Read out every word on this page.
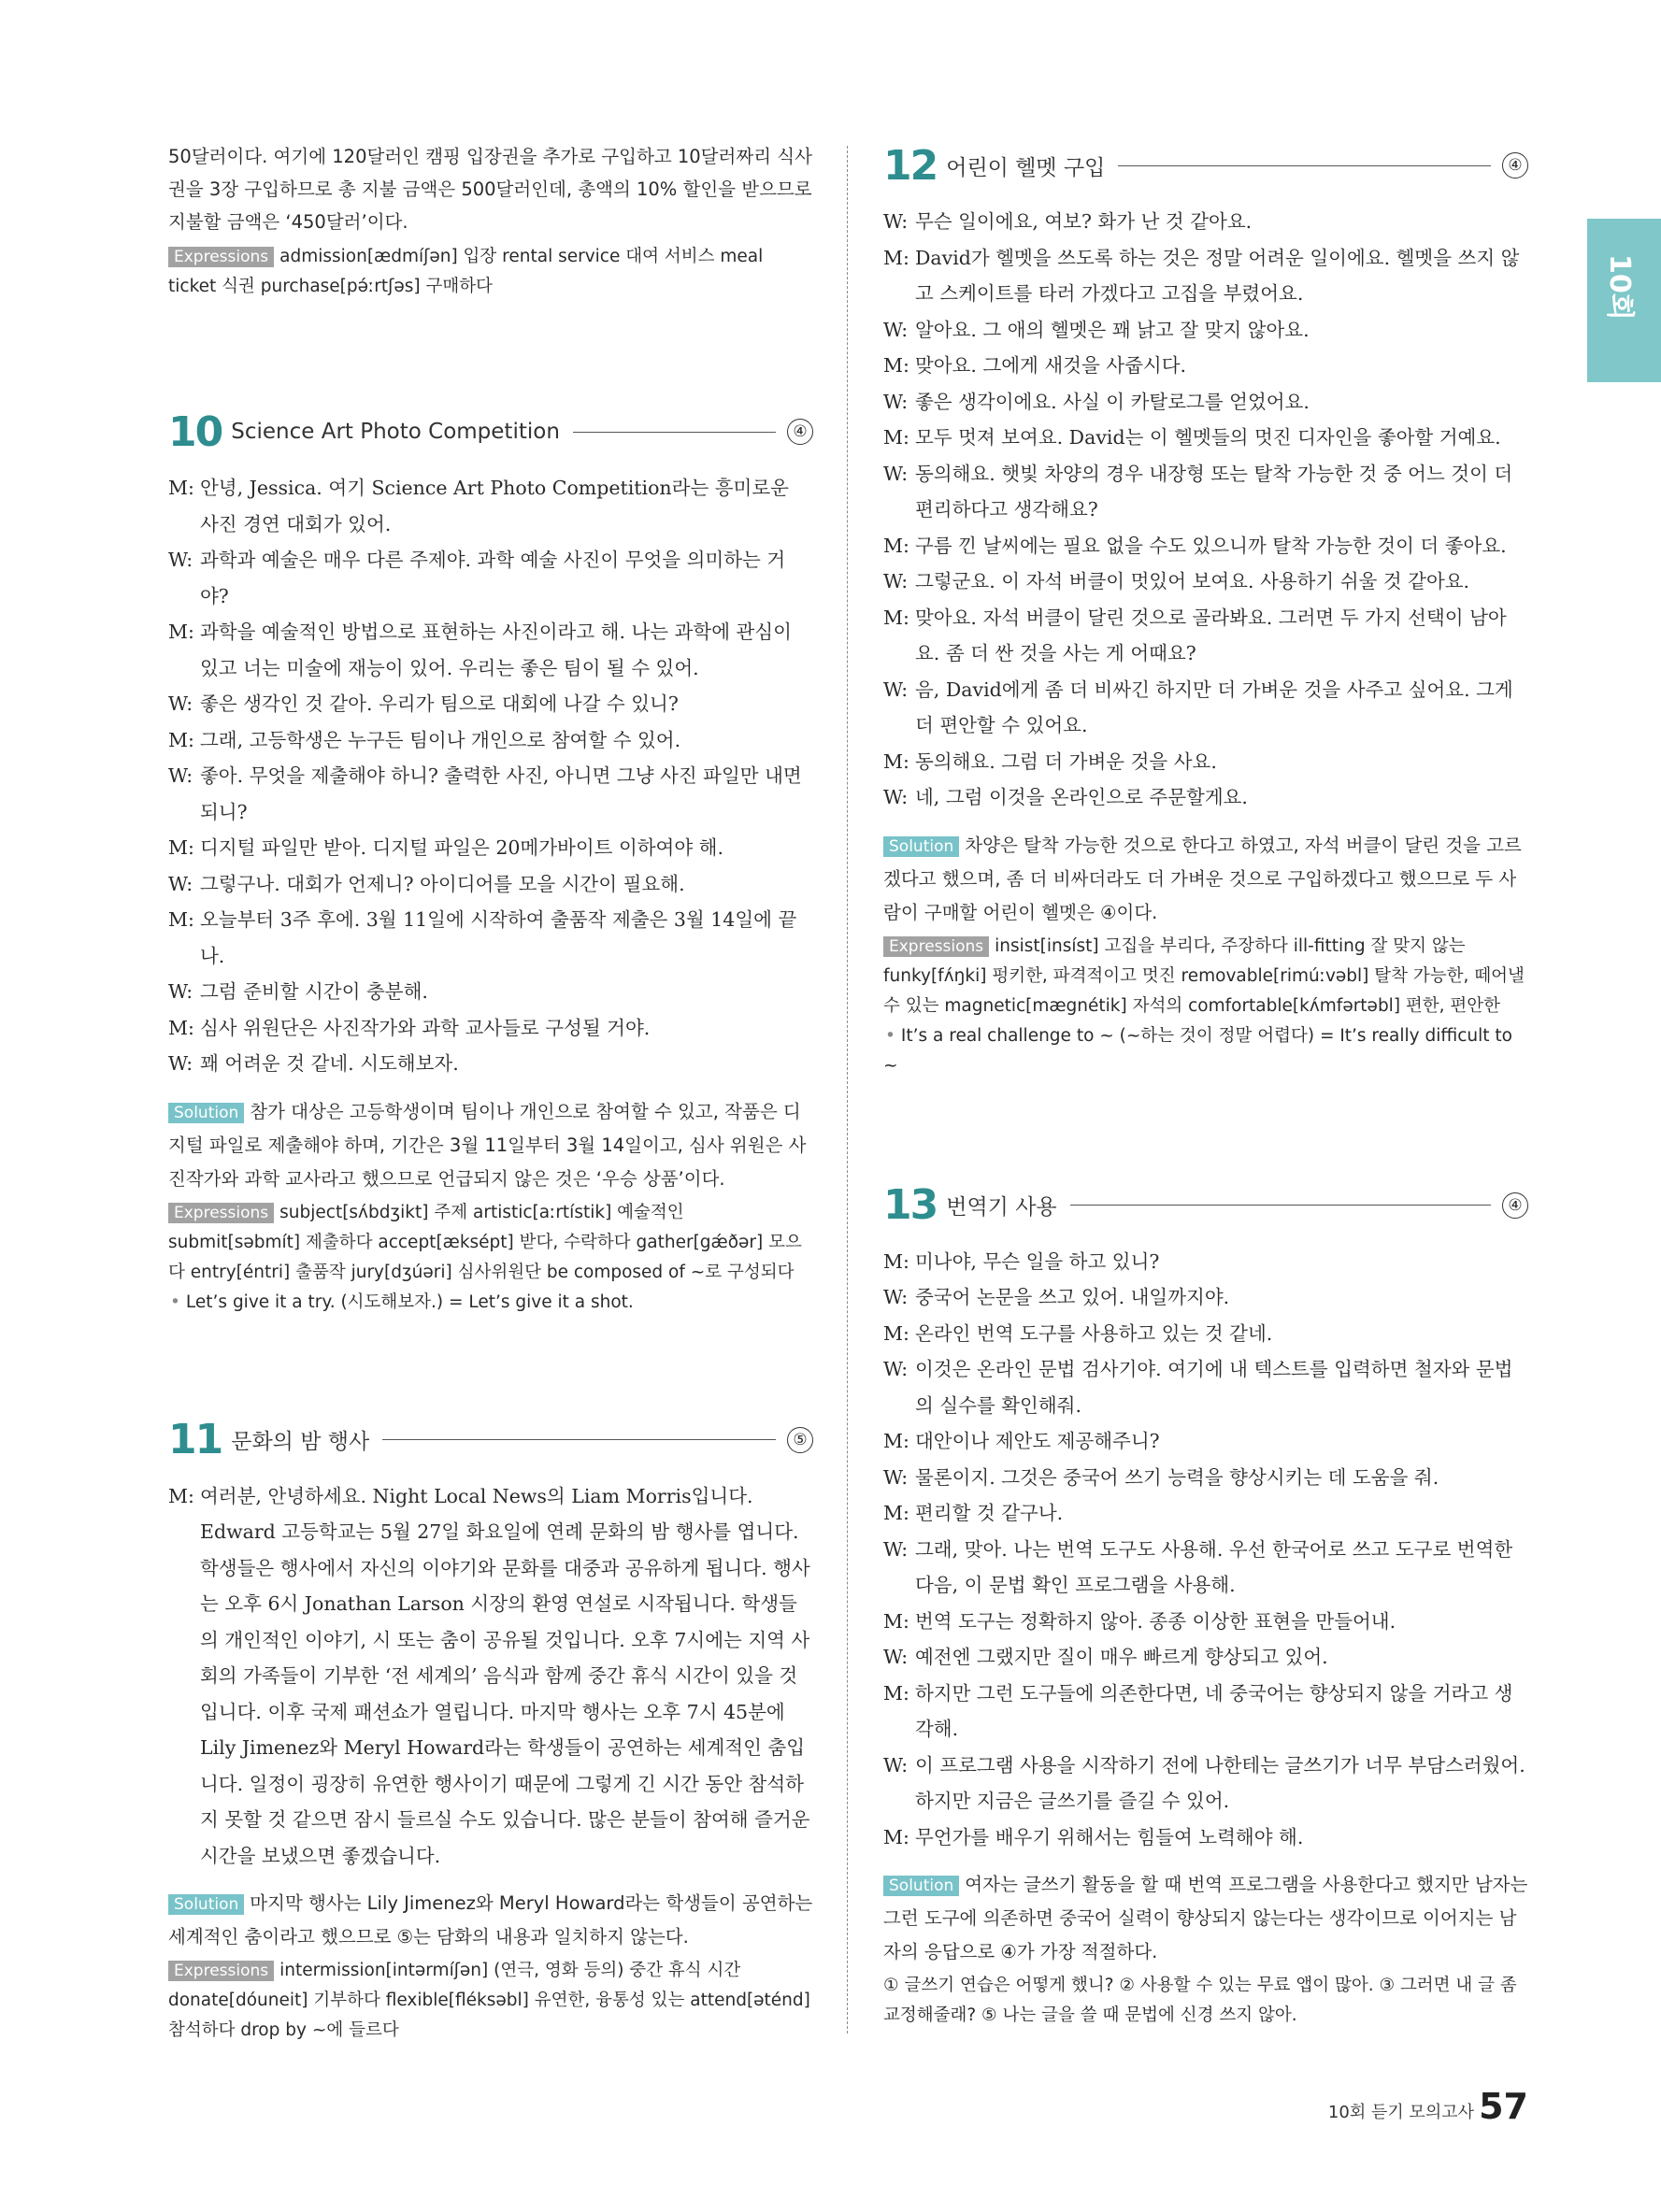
10회

50달러이다. 여기에 120달러인 캠핑 입장권을 추가로 구입하고 10달러짜리 식사권을 3장 구입하므로 총 지불 금액은 500달러인데, 총액의 10% 할인을 받으므로 지불할 금액은 ‘450달러’이다.

Expressions admission[ædmíʃən] 입장 rental service 대여 서비스 meal ticket 식권 purchase[pə́ːrtʃəs] 구매하다
10 Science Art Photo Competition	④
M: 안녕, Jessica. 여기 Science Art Photo Competition라는 흥미로운 사진 경연 대회가 있어.
W: 과학과 예술은 매우 다른 주제야. 과학 예술 사진이 무엇을 의미하는 거야?
M: 과학을 예술적인 방법으로 표현하는 사진이라고 해. 나는 과학에 관심이 있고 너는 미술에 재능이 있어. 우리는 좋은 팀이 될 수 있어.
W: 좋은 생각인 것 같아. 우리가 팀으로 대회에 나갈 수 있니?
M: 그래, 고등학생은 누구든 팀이나 개인으로 참여할 수 있어.
W: 좋아. 무엇을 제출해야 하니? 출력한 사진, 아니면 그냥 사진 파일만 내면 되니?
M: 디지털 파일만 받아. 디지털 파일은 20메가바이트 이하여야 해.
W: 그렇구나. 대회가 언제니? 아이디어를 모을 시간이 필요해.
M: 오늘부터 3주 후에. 3월 11일에 시작하여 출품작 제출은 3월 14일에 끝나.
W: 그럼 준비할 시간이 충분해.
M: 심사 위원단은 사진작가와 과학 교사들로 구성될 거야.
W: 꽤 어려운 것 같네. 시도해보자.
Solution 참가 대상은 고등학생이며 팀이나 개인으로 참여할 수 있고, 작품은 디지털 파일로 제출해야 하며, 기간은 3월 11일부터 3월 14일이고, 심사 위원은 사진작가와 과학 교사라고 했으므로 언급되지 않은 것은 ‘우승 상품’이다.
Expressions subject[sʌ́bdʒikt] 주제 artistic[aːrtístik] 예술적인 submit[səbmít] 제출하다 accept[æksépt] 받다, 수락하다 gather[gǽðər] 모으다 entry[éntri] 출품작 jury[dʒúəri] 심사위원단 be composed of ~로 구성되다
• Let’s give it a try. (시도해보자.) = Let’s give it a shot.
11 문화의 밤 행사	⑤
M: 여러분, 안녕하세요. Night Local News의 Liam Morris입니다. Edward 고등학교는 5월 27일 화요일에 연례 문화의 밤 행사를 엽니다. 학생들은 행사에서 자신의 이야기와 문화를 대중과 공유하게 됩니다. 행사는 오후 6시 Jonathan Larson 시장의 환영 연설로 시작됩니다. 학생들의 개인적인 이야기, 시 또는 춤이 공유될 것입니다. 오후 7시에는 지역 사회의 가족들이 기부한 ‘전 세계의’ 음식과 함께 중간 휴식 시간이 있을 것입니다. 이후 국제 패션쇼가 열립니다. 마지막 행사는 오후 7시 45분에 Lily Jimenez와 Meryl Howard라는 학생들이 공연하는 세계적인 춤입니다. 일정이 굉장히 유연한 행사이기 때문에 그렇게 긴 시간 동안 참석하지 못할 것 같으면 잠시 들르실 수도 있습니다. 많은 분들이 참여해 즐거운 시간을 보냈으면 좋겠습니다.
Solution 마지막 행사는 Lily Jimenez와 Meryl Howard라는 학생들이 공연하는 세계적인 춤이라고 했으므로 ⑤는 담화의 내용과 일치하지 않는다.
Expressions intermission[intərmíʃən] (연극, 영화 등의) 중간 휴식 시간 donate[dóuneit] 기부하다 flexible[fléksəbl] 유연한, 융통성 있는 attend[əténd] 참석하다 drop by ~에 들르다
12 어린이 헬멧 구입	④
W: 무슨 일이에요, 여보? 화가 난 것 같아요.
M: David가 헬멧을 쓰도록 하는 것은 정말 어려운 일이에요. 헬멧을 쓰지 않고 스케이트를 타러 가겠다고 고집을 부렸어요.
W: 알아요. 그 애의 헬멧은 꽤 낡고 잘 맞지 않아요.
M: 맞아요. 그에게 새것을 사줍시다.
W: 좋은 생각이에요. 사실 이 카탈로그를 얻었어요.
M: 모두 멋져 보여요. David는 이 헬멧들의 멋진 디자인을 좋아할 거예요.
W: 동의해요. 햇빛 차양의 경우 내장형 또는 탈착 가능한 것 중 어느 것이 더 편리하다고 생각해요?
M: 구름 낀 날씨에는 필요 없을 수도 있으니까 탈착 가능한 것이 더 좋아요.
W: 그렇군요. 이 자석 버클이 멋있어 보여요. 사용하기 쉬울 것 같아요.
M: 맞아요. 자석 버클이 달린 것으로 골라봐요. 그러면 두 가지 선택이 남아요. 좀 더 싼 것을 사는 게 어때요?
W: 음, David에게 좀 더 비싸긴 하지만 더 가벼운 것을 사주고 싶어요. 그게 더 편안할 수 있어요.
M: 동의해요. 그럼 더 가벼운 것을 사요.
W: 네, 그럼 이것을 온라인으로 주문할게요.
Solution 차양은 탈착 가능한 것으로 한다고 하였고, 자석 버클이 달린 것을 고르겠다고 했으며, 좀 더 비싸더라도 더 가벼운 것으로 구입하겠다고 했으므로 두 사람이 구매할 어린이 헬멧은 ④이다.
Expressions insist[insíst] 고집을 부리다, 주장하다 ill-fitting 잘 맞지 않는 funky[fʌ́ŋki] 펑키한, 파격적이고 멋진 removable[rimúːvəbl] 탈착 가능한, 떼어낼 수 있는 magnetic[mægnétik] 자석의 comfortable[kʌ́mfərtəbl] 편한, 편안한
• It’s a real challenge to ~ (~하는 것이 정말 어렵다) = It’s really difficult to ~
13 번역기 사용	④
M: 미나야, 무슨 일을 하고 있니?
W: 중국어 논문을 쓰고 있어. 내일까지야.
M: 온라인 번역 도구를 사용하고 있는 것 같네.
W: 이것은 온라인 문법 검사기야. 여기에 내 텍스트를 입력하면 철자와 문법의 실수를 확인해줘.
M: 대안이나 제안도 제공해주니?
W: 물론이지. 그것은 중국어 쓰기 능력을 향상시키는 데 도움을 줘.
M: 편리할 것 같구나.
W: 그래, 맞아. 나는 번역 도구도 사용해. 우선 한국어로 쓰고 도구로 번역한 다음, 이 문법 확인 프로그램을 사용해.
M: 번역 도구는 정확하지 않아. 종종 이상한 표현을 만들어내.
W: 예전엔 그랬지만 질이 매우 빠르게 향상되고 있어.
M: 하지만 그런 도구들에 의존한다면, 네 중국어는 향상되지 않을 거라고 생각해.
W: 이 프로그램 사용을 시작하기 전에 나한테는 글쓰기가 너무 부담스러웠어. 하지만 지금은 글쓰기를 즐길 수 있어.
M: 무언가를 배우기 위해서는 힘들여 노력해야 해.
Solution 여자는 글쓰기 활동을 할 때 번역 프로그램을 사용한다고 했지만 남자는 그런 도구에 의존하면 중국어 실력이 향상되지 않는다는 생각이므로 이어지는 남자의 응답으로 ④가 가장 적절하다.
① 글쓰기 연습은 어떻게 했니? ② 사용할 수 있는 무료 앱이 많아. ③ 그러면 내 글 좀 교정해줄래? ⑤ 나는 글을 쓸 때 문법에 신경 쓰지 않아.
10회 듣기 모의고사 57
